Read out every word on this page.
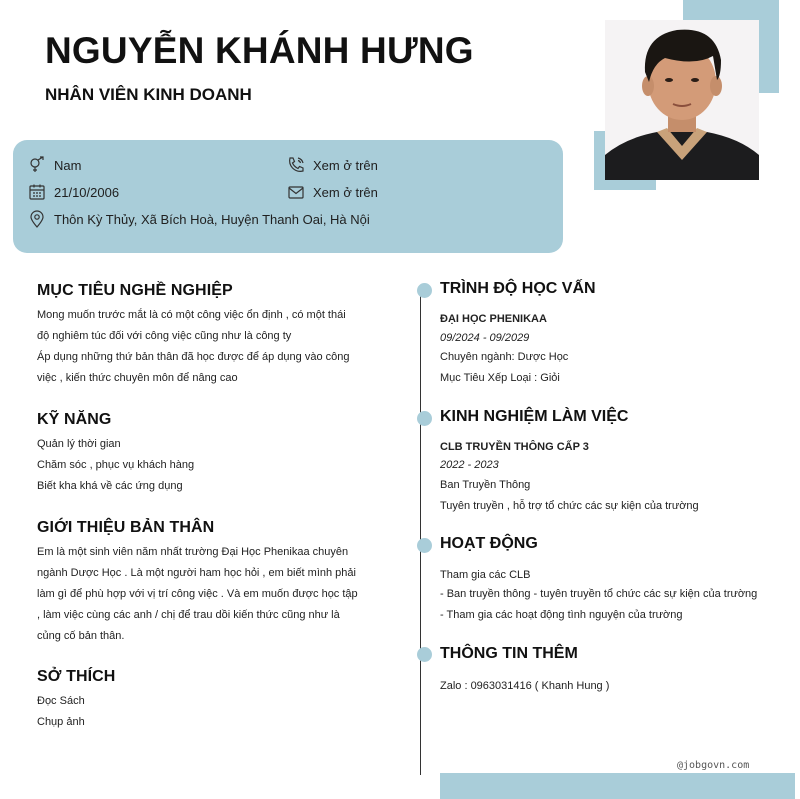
NGUYỄN KHÁNH HƯNG
NHÂN VIÊN KINH DOANH
Nam	Xem ở trên
21/10/2006	Xem ở trên
Thôn Kỳ Thủy, Xã Bích Hoà, Huyện Thanh Oai, Hà Nội
MỤC TIÊU NGHỀ NGHIỆP
Mong muốn trước mắt là có một công việc ổn định , có một thái
độ nghiêm túc đối với công việc cũng như là công ty
Áp dụng những thứ bản thân đã học được để áp dụng vào công
việc , kiến thức chuyên môn để nâng cao
KỸ NĂNG
Quản lý thời gian
Chăm sóc , phục vụ khách hàng
Biết kha khá về các ứng dụng
GIỚI THIỆU BẢN THÂN
Em là một sinh viên năm nhất trường Đại Học Phenikaa chuyên
ngành Dược Học . Là một người ham học hỏi , em biết mình phải
làm gì để phù hợp với vị trí công việc . Và em muốn được học tập
, làm việc cùng các anh / chị để trau dồi kiến thức cũng như là
củng cố bản thân.
SỞ THÍCH
Đọc Sách
Chụp ảnh
TRÌNH ĐỘ HỌC VẤN
ĐẠI HỌC PHENIKAA
09/2024 - 09/2029
Chuyên ngành: Dược Học
Mục Tiêu Xếp Loại : Giỏi
KINH NGHIỆM LÀM VIỆC
CLB TRUYỀN THÔNG CẤP 3
2022 - 2023
Ban Truyền Thông
Tuyên truyền , hỗ trợ tổ chức các sự kiện của trường
HOẠT ĐỘNG
Tham gia các CLB
- Ban truyền thông - tuyên truyền tổ chức các sự kiện của trường
- Tham gia các hoạt động tình nguyện của trường
THÔNG TIN THÊM
Zalo : 0963031416 ( Khanh Hung )
@jobgovn.com
